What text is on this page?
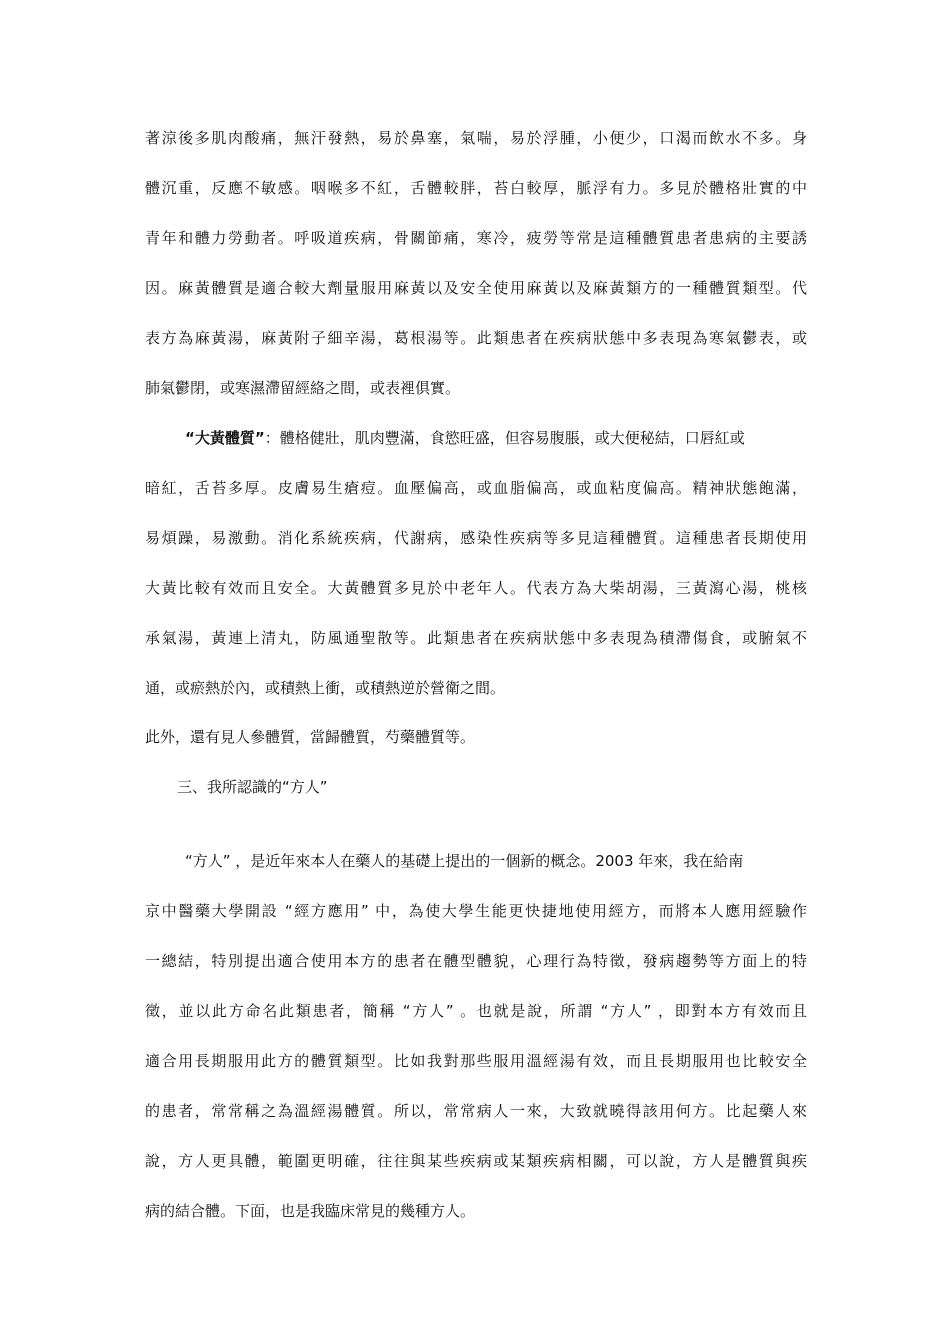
著涼後多肌肉酸痛，無汗發熱，易於鼻塞，氣喘，易於浮腫，小便少，口渴而飲水不多。身
體沉重，反應不敏感。咽喉多不紅，舌體較胖，苔白較厚，脈浮有力。多見於體格壯實的中
青年和體力勞動者。呼吸道疾病，骨關節痛，寒冷，疲勞等常是這種體質患者患病的主要誘
因。麻黃體質是適合較大劑量服用麻黃以及安全使用麻黃以及麻黃類方的一種體質類型。代
表方為麻黃湯，麻黃附子細辛湯，葛根湯等。此類患者在疾病狀態中多表現為寒氣鬱表，或
肺氣鬱閉，或寒濕滯留經絡之間，或表裡俱實。
“大黃體質”：體格健壯，肌肉豐滿，食慾旺盛，但容易腹脹，或大便秘結，口唇紅或
暗紅，舌苔多厚。皮膚易生瘡痘。血壓偏高，或血脂偏高，或血粘度偏高。精神狀態飽滿，
易煩躁，易激動。消化系統疾病，代謝病，感染性疾病等多見這種體質。這種患者長期使用
大黃比較有效而且安全。大黃體質多見於中老年人。代表方為大柴胡湯，三黃瀉心湯，桃核
承氣湯，黃連上清丸，防風通聖散等。此類患者在疾病狀態中多表現為積滯傷食，或腑氣不
通，或瘀熱於內，或積熱上衝，或積熱逆於營衛之間。
此外，還有見人參體質，當歸體質，芍藥體質等。
三、我所認識的“方人”
“方人” ，是近年來本人在藥人的基礎上提出的一個新的概念。2003 年來，我在給南
京中醫藥大學開設 “經方應用” 中，為使大學生能更快捷地使用經方，而將本人應用經驗作
一總結，特別提出適合使用本方的患者在體型體貌，心理行為特徵，發病趨勢等方面上的特
徵，並以此方命名此類患者，簡稱 “方人” 。也就是說，所謂 “方人” ，即對本方有效而且
適合用長期服用此方的體質類型。比如我對那些服用溫經湯有效，而且長期服用也比較安全
的患者，常常稱之為溫經湯體質。所以，常常病人一來，大致就曉得該用何方。比起藥人來
說，方人更具體，範圍更明確，往往與某些疾病或某類疾病相關，可以說，方人是體質與疾
病的結合體。下面，也是我臨床常見的幾種方人。
